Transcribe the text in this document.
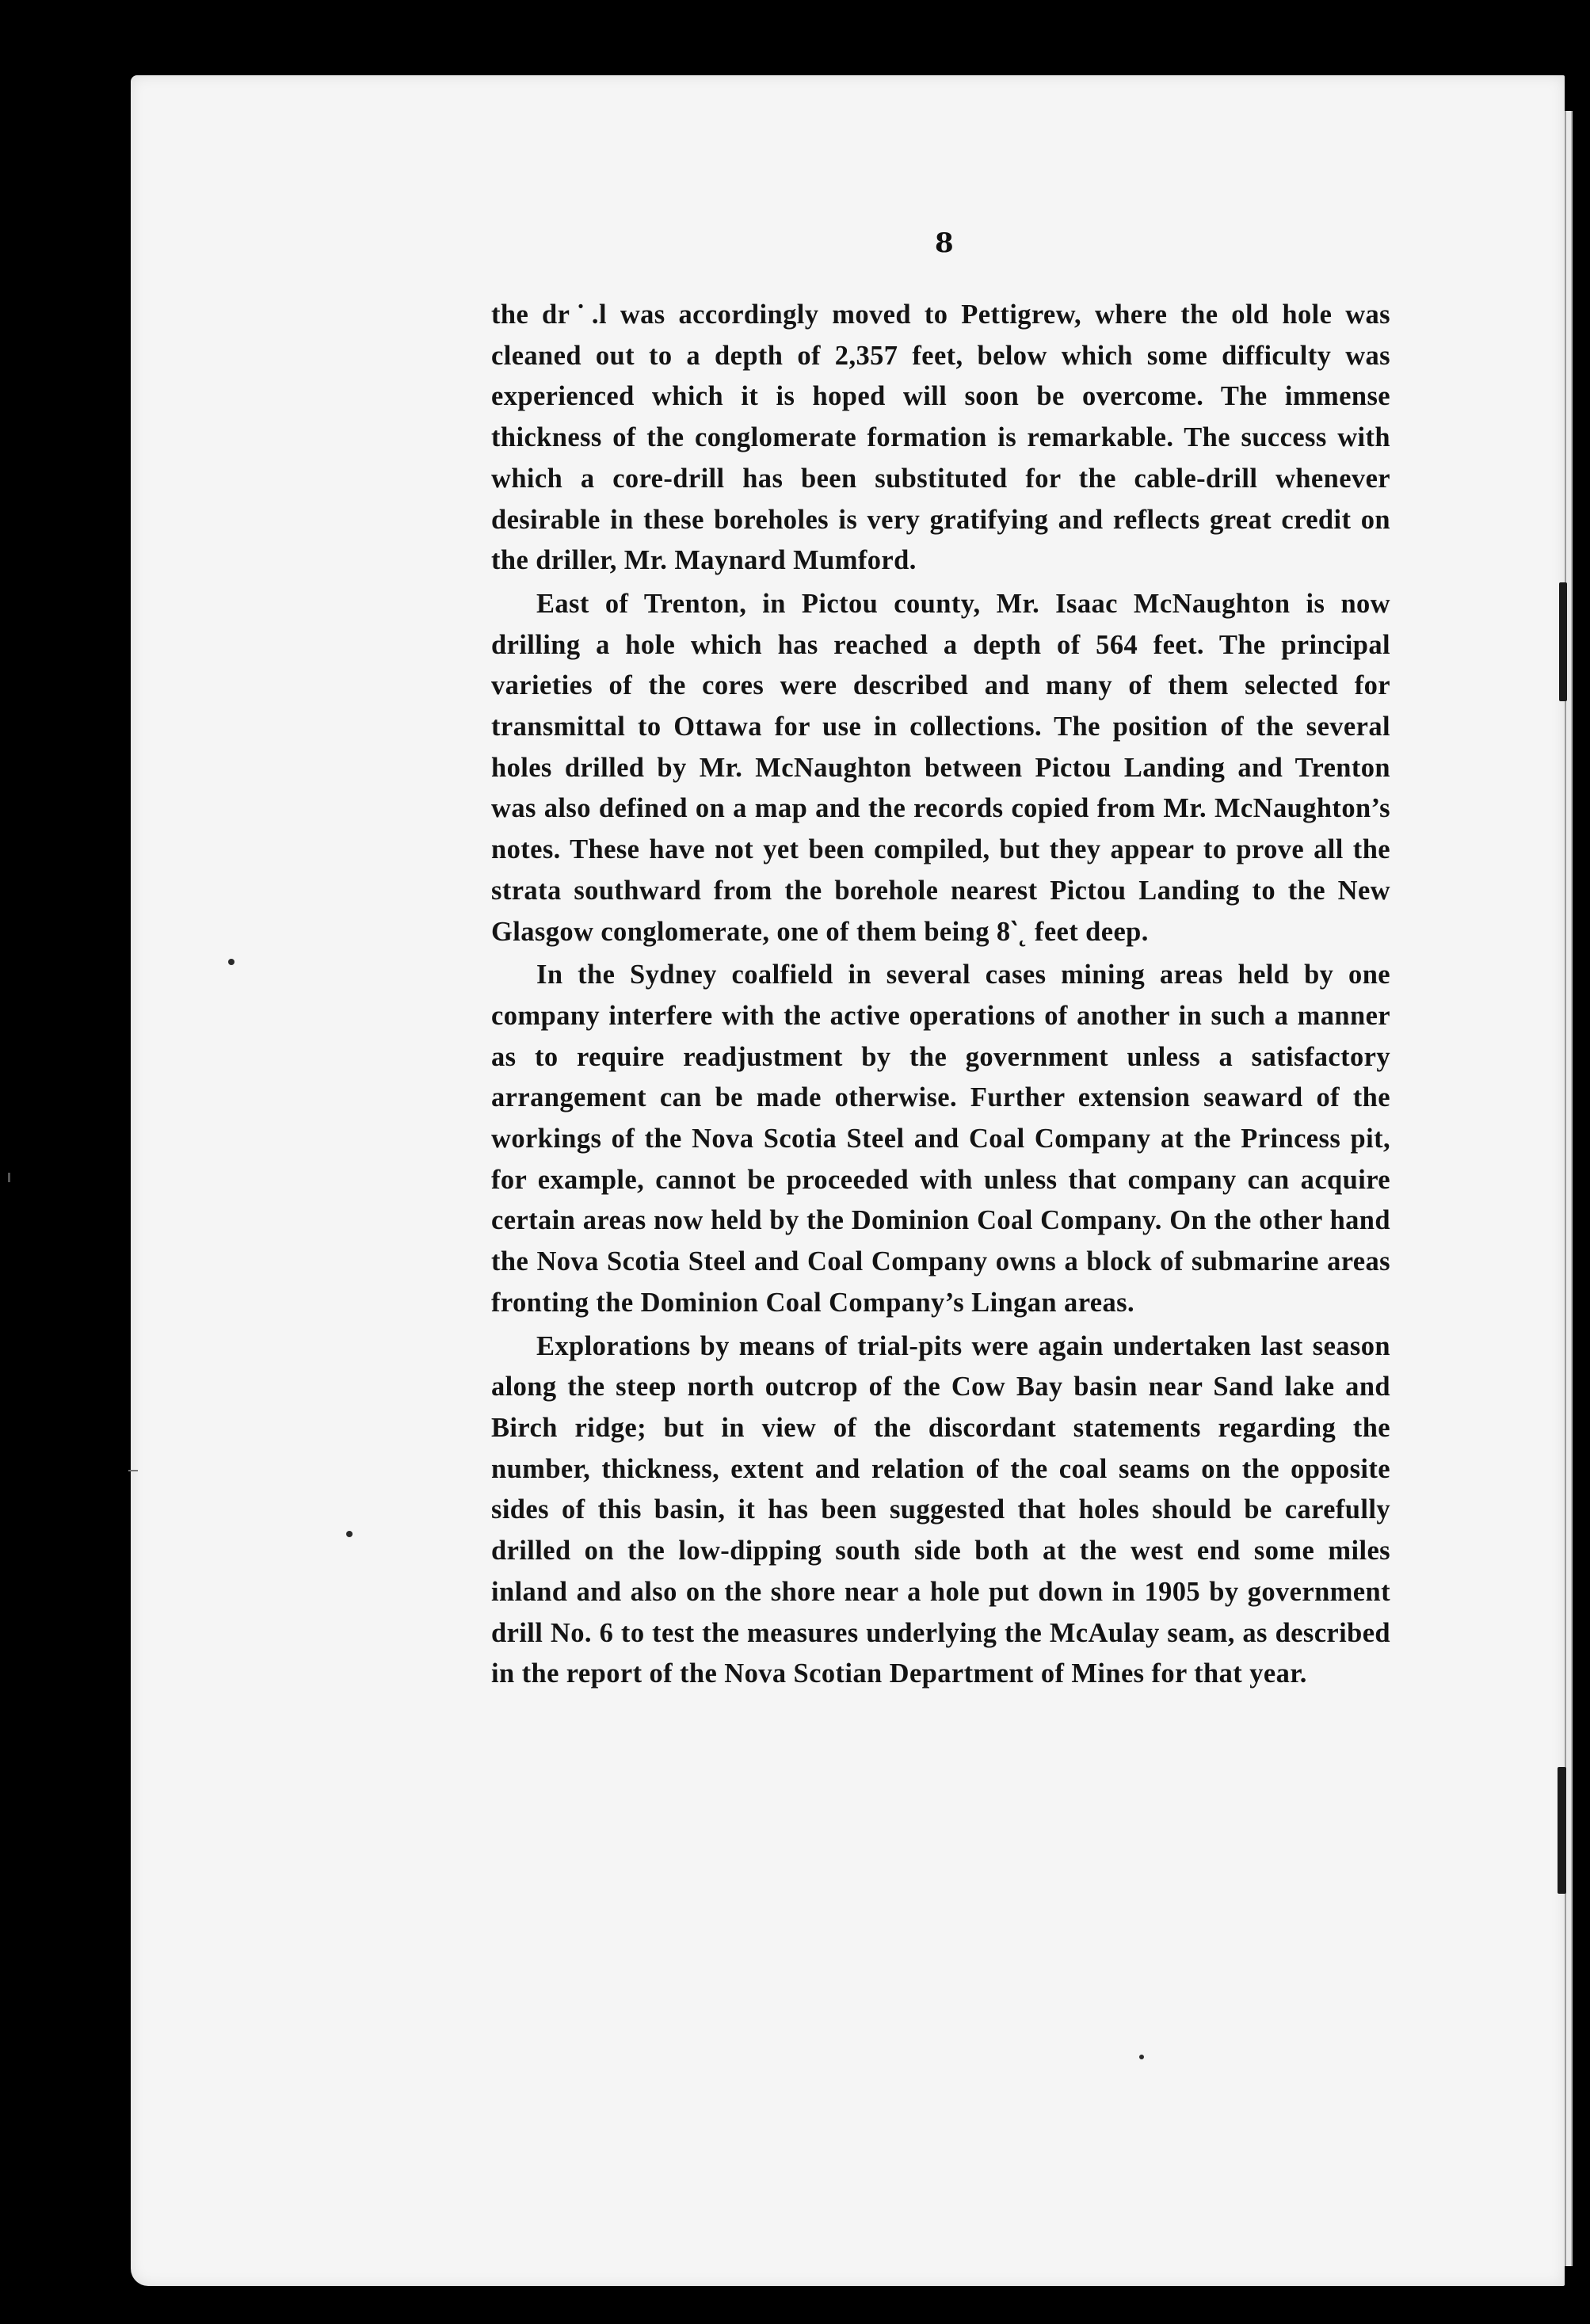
8

the dr˙.l was accordingly moved to Pettigrew, where the old hole was cleaned out to a depth of 2,357 feet, below which some difficulty was experienced which it is hoped will soon be overcome. The immense thickness of the conglomerate formation is remarkable. The success with which a core-drill has been substituted for the cable-drill whenever desirable in these boreholes is very gratifying and reflects great credit on the driller, Mr. Maynard Mumford.

East of Trenton, in Pictou county, Mr. Isaac McNaughton is now drilling a hole which has reached a depth of 564 feet. The principal varieties of the cores were described and many of them selected for transmittal to Ottawa for use in collections. The position of the several holes drilled by Mr. McNaughton between Pictou Landing and Trenton was also defined on a map and the records copied from Mr. McNaughton’s notes. These have not yet been compiled, but they appear to prove all the strata southward from the borehole nearest Pictou Landing to the New Glasgow conglomerate, one of them being 8‵˛ feet deep.

In the Sydney coalfield in several cases mining areas held by one company interfere with the active operations of another in such a manner as to require readjustment by the government unless a satisfactory arrangement can be made otherwise. Further extension seaward of the workings of the Nova Scotia Steel and Coal Company at the Princess pit, for example, cannot be proceeded with unless that company can acquire certain areas now held by the Dominion Coal Company. On the other hand the Nova Scotia Steel and Coal Company owns a block of submarine areas fronting the Dominion Coal Company’s Lingan areas.

Explorations by means of trial-pits were again undertaken last season along the steep north outcrop of the Cow Bay basin near Sand lake and Birch ridge; but in view of the discordant statements regarding the number, thickness, extent and relation of the coal seams on the opposite sides of this basin, it has been suggested that holes should be carefully drilled on the low-dipping south side both at the west end some miles inland and also on the shore near a hole put down in 1905 by government drill No. 6 to test the measures underlying the McAulay seam, as described in the report of the Nova Scotian Department of Mines for that year.
